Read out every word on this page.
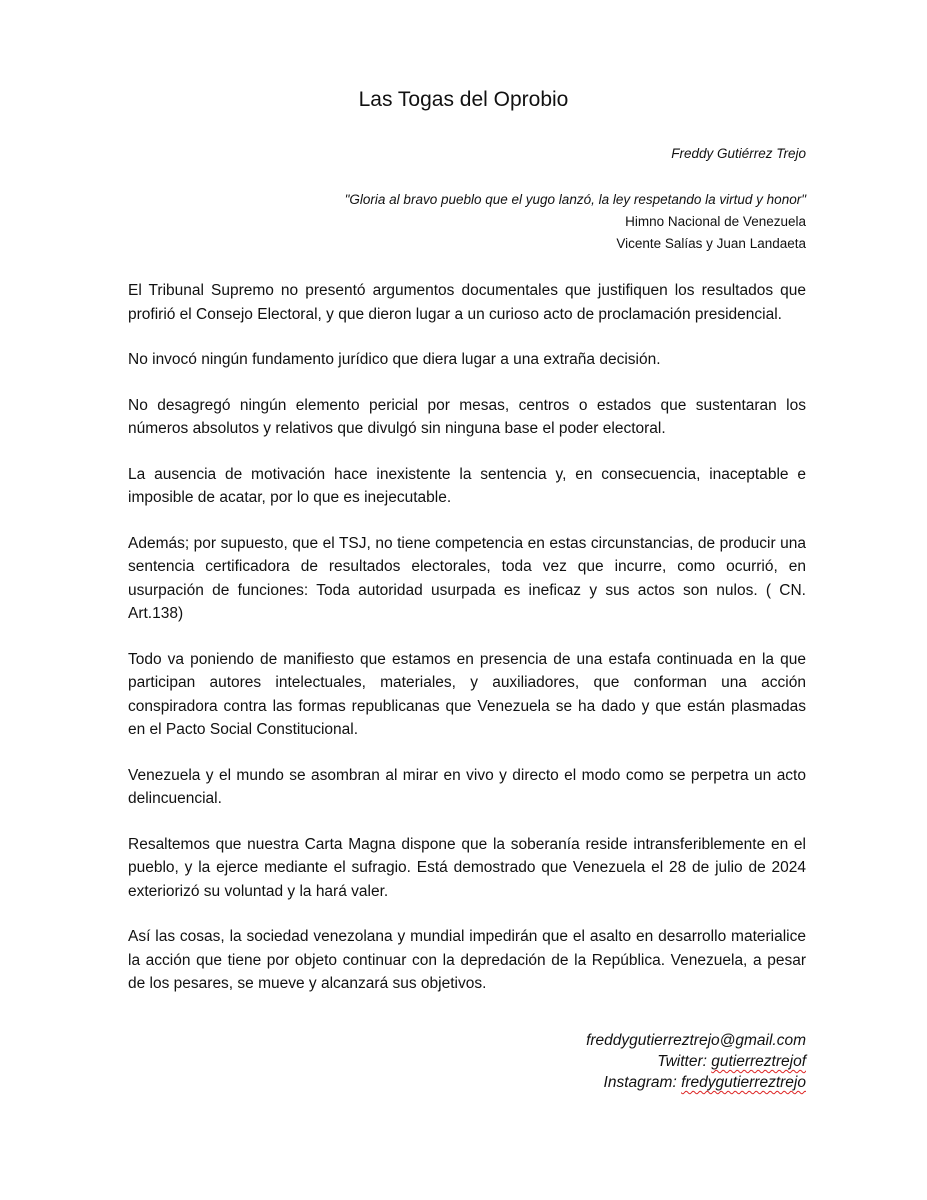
Las Togas del Oprobio
Freddy Gutiérrez Trejo
"Gloria al bravo pueblo que el yugo lanzó, la ley respetando la virtud y honor"
Himno Nacional de Venezuela
Vicente Salías y Juan Landaeta

El Tribunal Supremo no presentó argumentos documentales que justifiquen los resultados que profirió el Consejo Electoral, y que dieron lugar a un curioso acto de proclamación presidencial.

No invocó ningún fundamento jurídico que diera lugar a una extraña decisión.

No desagregó ningún elemento pericial por mesas, centros o estados que sustentaran los números absolutos y relativos que divulgó sin ninguna base el poder electoral.

La ausencia de motivación hace inexistente la sentencia y, en consecuencia, inaceptable e imposible de acatar, por lo que es inejecutable.

Además; por supuesto, que el TSJ, no tiene competencia en estas circunstancias, de producir una sentencia certificadora de resultados electorales, toda vez que incurre, como ocurrió, en usurpación de funciones: Toda autoridad usurpada es ineficaz y sus actos son nulos. ( CN. Art.138)

Todo va poniendo de manifiesto que estamos en presencia de una estafa continuada en la que participan autores intelectuales, materiales, y auxiliadores, que conforman una acción conspiradora contra las formas republicanas que Venezuela se ha dado y que están plasmadas en el Pacto Social Constitucional.

Venezuela y el mundo se asombran al mirar en vivo y directo el modo como se perpetra un acto delincuencial.

Resaltemos que nuestra Carta Magna dispone que la soberanía reside intransferiblemente en el pueblo, y la ejerce mediante el sufragio. Está demostrado que Venezuela el 28 de julio de 2024 exteriorizó su voluntad y la hará valer.

Así las cosas, la sociedad venezolana y mundial impedirán que el asalto en desarrollo materialice la acción que tiene por objeto continuar con la depredación de la República. Venezuela, a pesar de los pesares, se mueve y alcanzará sus objetivos.

freddygutierreztrejo@gmail.com
Twitter: gutierreztrejof
Instagram: fredygutierreztrejo
